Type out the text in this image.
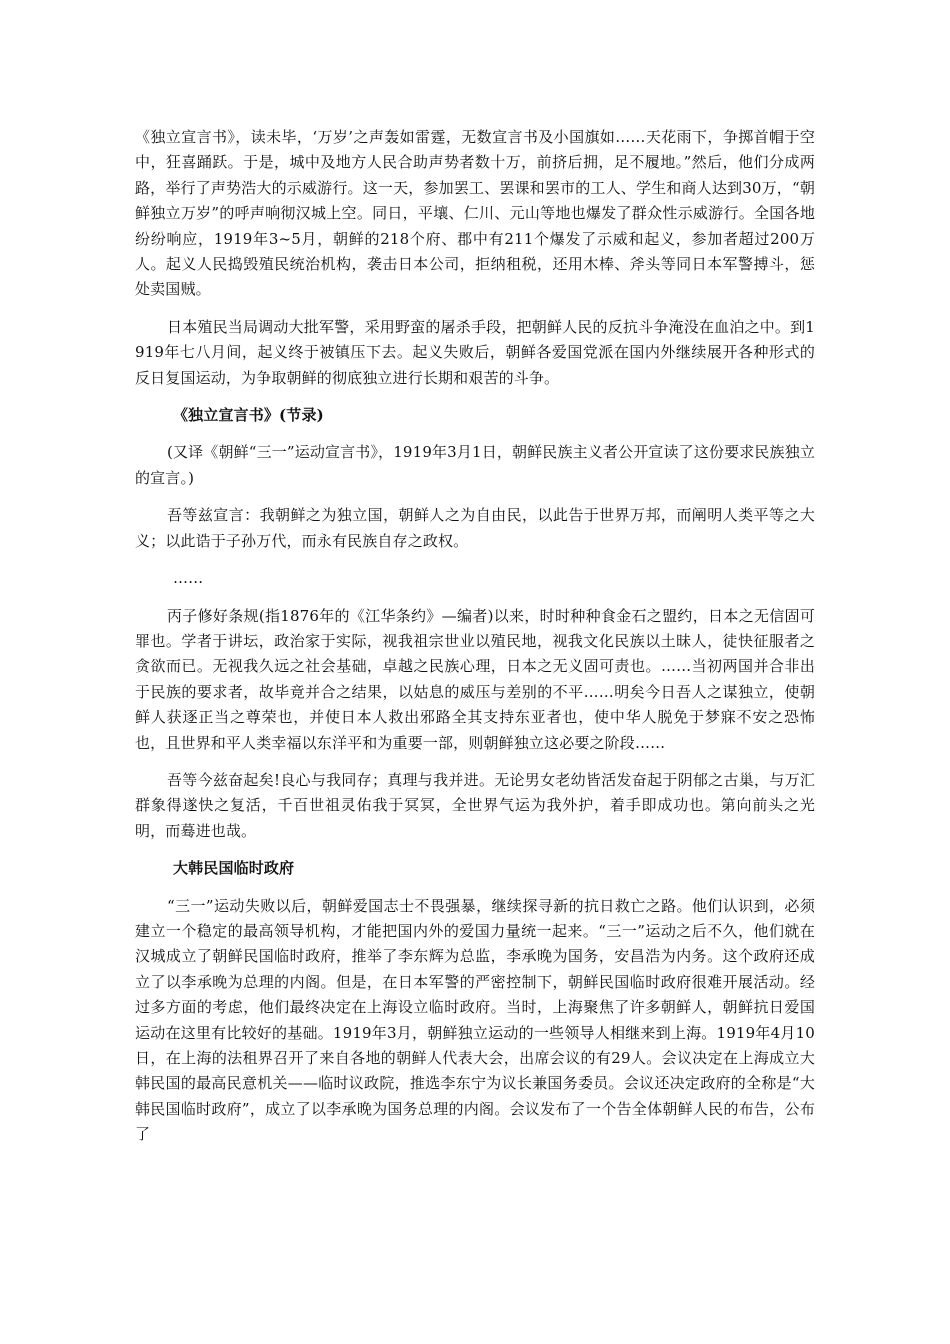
《独立宣言书》，读未毕，‘万岁’之声轰如雷霆，无数宣言书及小国旗如……天花雨下，争掷首帽于空中，狂喜踊跃。于是，城中及地方人民合助声势者数十万，前挤后拥，足不履地。”然后，他们分成两路，举行了声势浩大的示威游行。这一天，参加罢工、罢课和罢市的工人、学生和商人达到30万，“朝鲜独立万岁”的呼声响彻汉城上空。同日，平壤、仁川、元山等地也爆发了群众性示威游行。全国各地纷纷响应，1919年3~5月，朝鲜的218个府、郡中有211个爆发了示威和起义，参加者超过200万人。起义人民捣毁殖民统治机构，袭击日本公司，拒纳租税，还用木棒、斧头等同日本军警搏斗，惩处卖国贼。

日本殖民当局调动大批军警，采用野蛮的屠杀手段，把朝鲜人民的反抗斗争淹没在血泊之中。到1919年七八月间，起义终于被镇压下去。起义失败后，朝鲜各爱国党派在国内外继续展开各种形式的反日复国运动，为争取朝鲜的彻底独立进行长期和艰苦的斗争。

《独立宣言书》(节录)

(又译《朝鲜“三一”运动宣言书》，1919年3月1日，朝鲜民族主义者公开宣读了这份要求民族独立的宣言。)

吾等兹宣言：我朝鲜之为独立国，朝鲜人之为自由民，以此告于世界万邦，而阐明人类平等之大义；以此诰于子孙万代，而永有民族自存之政权。

……

丙子修好条规(指1876年的《江华条约》—编者)以来，时时种种食金石之盟约，日本之无信固可罪也。学者于讲坛，政治家于实际，视我祖宗世业以殖民地，视我文化民族以土昧人，徒快征服者之贪欲而已。无视我久远之社会基础，卓越之民族心理，日本之无义固可责也。……当初两国并合非出于民族的要求者，故毕竟并合之结果，以姑息的威压与差别的不平……明矣今日吾人之谋独立，使朝鲜人获逐正当之尊荣也，并使日本人救出邪路全其支持东亚者也，使中华人脱免于梦寐不安之恐怖也，且世界和平人类幸福以东洋平和为重要一部，则朝鲜独立这必要之阶段……

吾等今兹奋起矣!良心与我同存；真理与我并进。无论男女老幼皆活发奋起于阴郁之古巢，与万汇群象得遂快之复活，千百世祖灵佑我于冥冥，全世界气运为我外护，着手即成功也。第向前头之光明，而蓦进也哉。

大韩民国临时政府

“三一”运动失败以后，朝鲜爱国志士不畏强暴，继续探寻新的抗日救亡之路。他们认识到，必须建立一个稳定的最高领导机构，才能把国内外的爱国力量统一起来。“三一”运动之后不久，他们就在汉城成立了朝鲜民国临时政府，推举了李东辉为总监，李承晚为国务，安昌浩为内务。这个政府还成立了以李承晚为总理的内阁。但是，在日本军警的严密控制下，朝鲜民国临时政府很难开展活动。经过多方面的考虑，他们最终决定在上海设立临时政府。当时，上海聚焦了许多朝鲜人，朝鲜抗日爱国运动在这里有比较好的基础。1919年3月，朝鲜独立运动的一些领导人相继来到上海。1919年4月10日，在上海的法租界召开了来自各地的朝鲜人代表大会，出席会议的有29人。会议决定在上海成立大韩民国的最高民意机关——临时议政院，推选李东宁为议长兼国务委员。会议还决定政府的全称是“大韩民国临时政府”，成立了以李承晚为国务总理的内阁。会议发布了一个告全体朝鲜人民的布告，公布了
